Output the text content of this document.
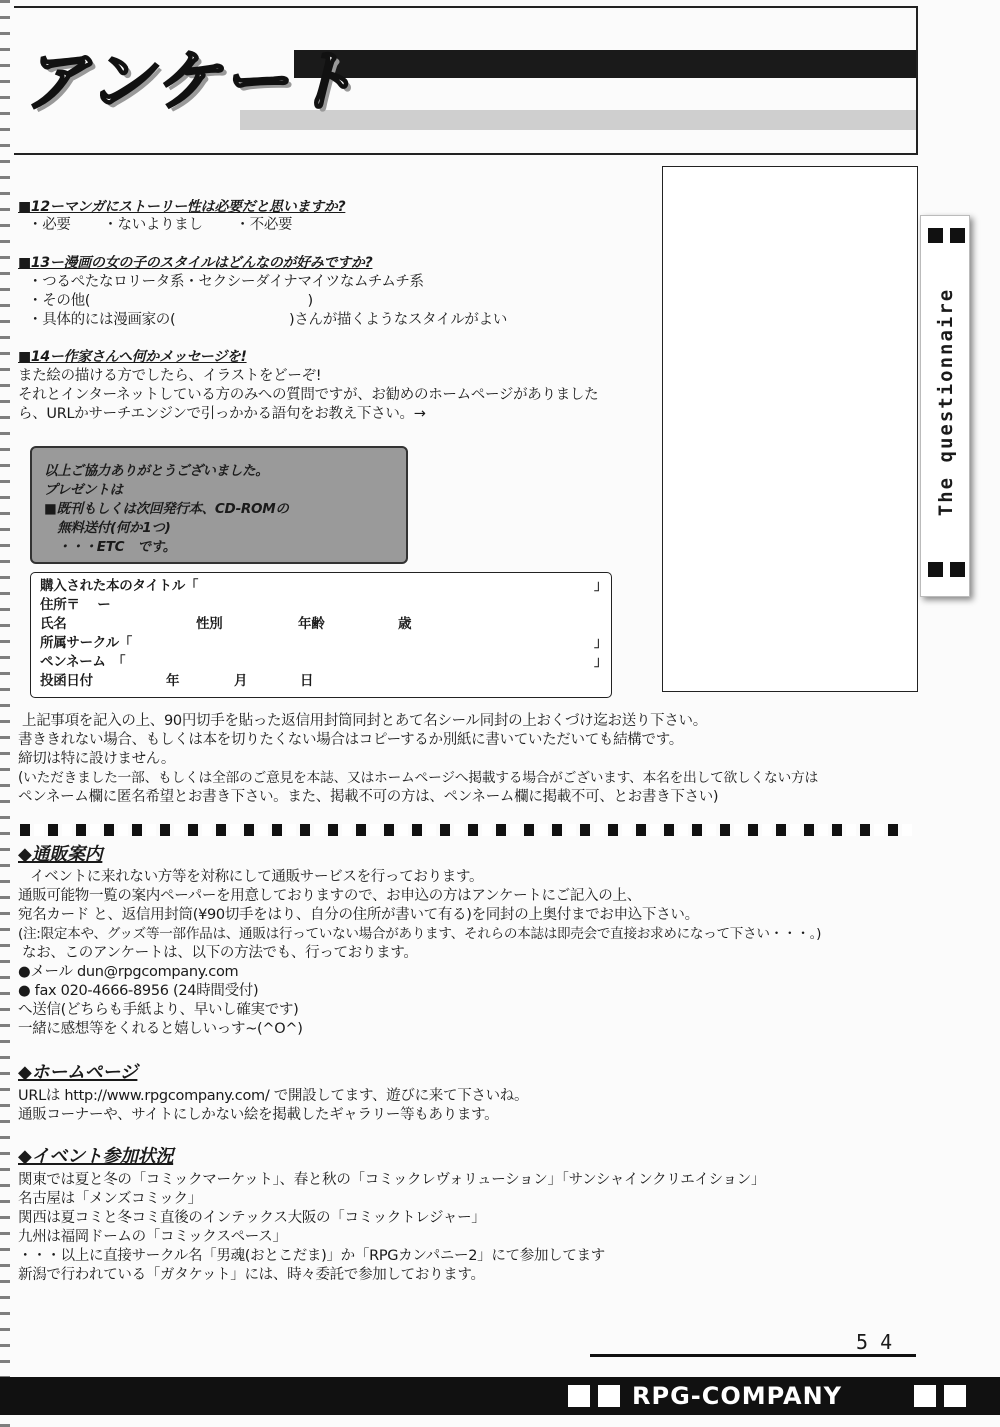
アンケート
The questionnaire
■12ーマンガにストーリー性は必要だと思いますか?
・必要　　 ・ないよりまし　　 ・不必要
■13ー漫画の女の子のスタイルはどんなのが好みですか?
・つるぺたなロリータ系・セクシーダイナマイツなムチムチ系
・その他(　　　　　　　　　　　　　　　 )
・具体的には漫画家の(　　　　　　　　)さんが描くようなスタイルがよい
■14ー作家さんへ何かメッセージを!
また絵の描ける方でしたら、イラストをどーぞ!
それとインターネットしている方のみへの質問ですが、お勧めのホームページがありました
ら、URLかサーチエンジンで引っかかる語句をお教え下さい。→
以上ご協力ありがとうございました。
プレゼントは
■既刊もしくは次回発行本、CD-ROMの
　無料送付(何か1つ)
　・・・ETC　です。
購入された本のタイトル「	」
住所〒　 ー
氏名	性別	年齢	歳
所属サークル「	」
ペンネーム　「	」
投函日付	年	月	日
上記事項を記入の上、90円切手を貼った返信用封筒同封とあて名シール同封の上おくづけ迄お送り下さい。
書ききれない場合、もしくは本を切りたくない場合はコピーするか別紙に書いていただいても結構です。
締切は特に設けません。
(いただきました一部、もしくは全部のご意見を本誌、又はホームページへ掲載する場合がございます、本名を出して欲しくない方は
ペンネーム欄に匿名希望とお書き下さい。また、掲載不可の方は、ペンネーム欄に掲載不可、とお書き下さい)
◆通販案内
イベントに来れない方等を対称にして通販サービスを行っております。
通販可能物一覧の案内ペーパーを用意しておりますので、お申込の方はアンケートにご記入の上、
宛名カード と、返信用封筒(¥90切手をはり、自分の住所が書いて有る)を同封の上奥付までお申込下さい。
(注:限定本や、グッズ等一部作品は、通販は行っていない場合があります、それらの本誌は即売会で直接お求めになって下さい・・・。)
なお、このアンケートは、以下の方法でも、行っております。
●メール dun@rpgcompany.com
● fax 020-4666-8956 (24時間受付)
へ送信(どちらも手紙より、早いし確実です)
一緒に感想等をくれると嬉しいっす~(^O^)
◆ホームページ
URLは http://www.rpgcompany.com/ で開設してます、遊びに来て下さいね。
通販コーナーや、サイトにしかない絵を掲載したギャラリー等もあります。
◆イベント参加状況
関東では夏と冬の「コミックマーケット」、春と秋の「コミックレヴォリューション」「サンシャインクリエイション」
名古屋は「メンズコミック」
関西は夏コミと冬コミ直後のインテックス大阪の「コミックトレジャー」
九州は福岡ドームの「コミックスペース」
・・・以上に直接サークル名「男魂(おとこだま)」か「RPGカンパニー2」にて参加してます
新潟で行われている「ガタケット」には、時々委託で参加しております。
5 4
RPG-COMPANY
